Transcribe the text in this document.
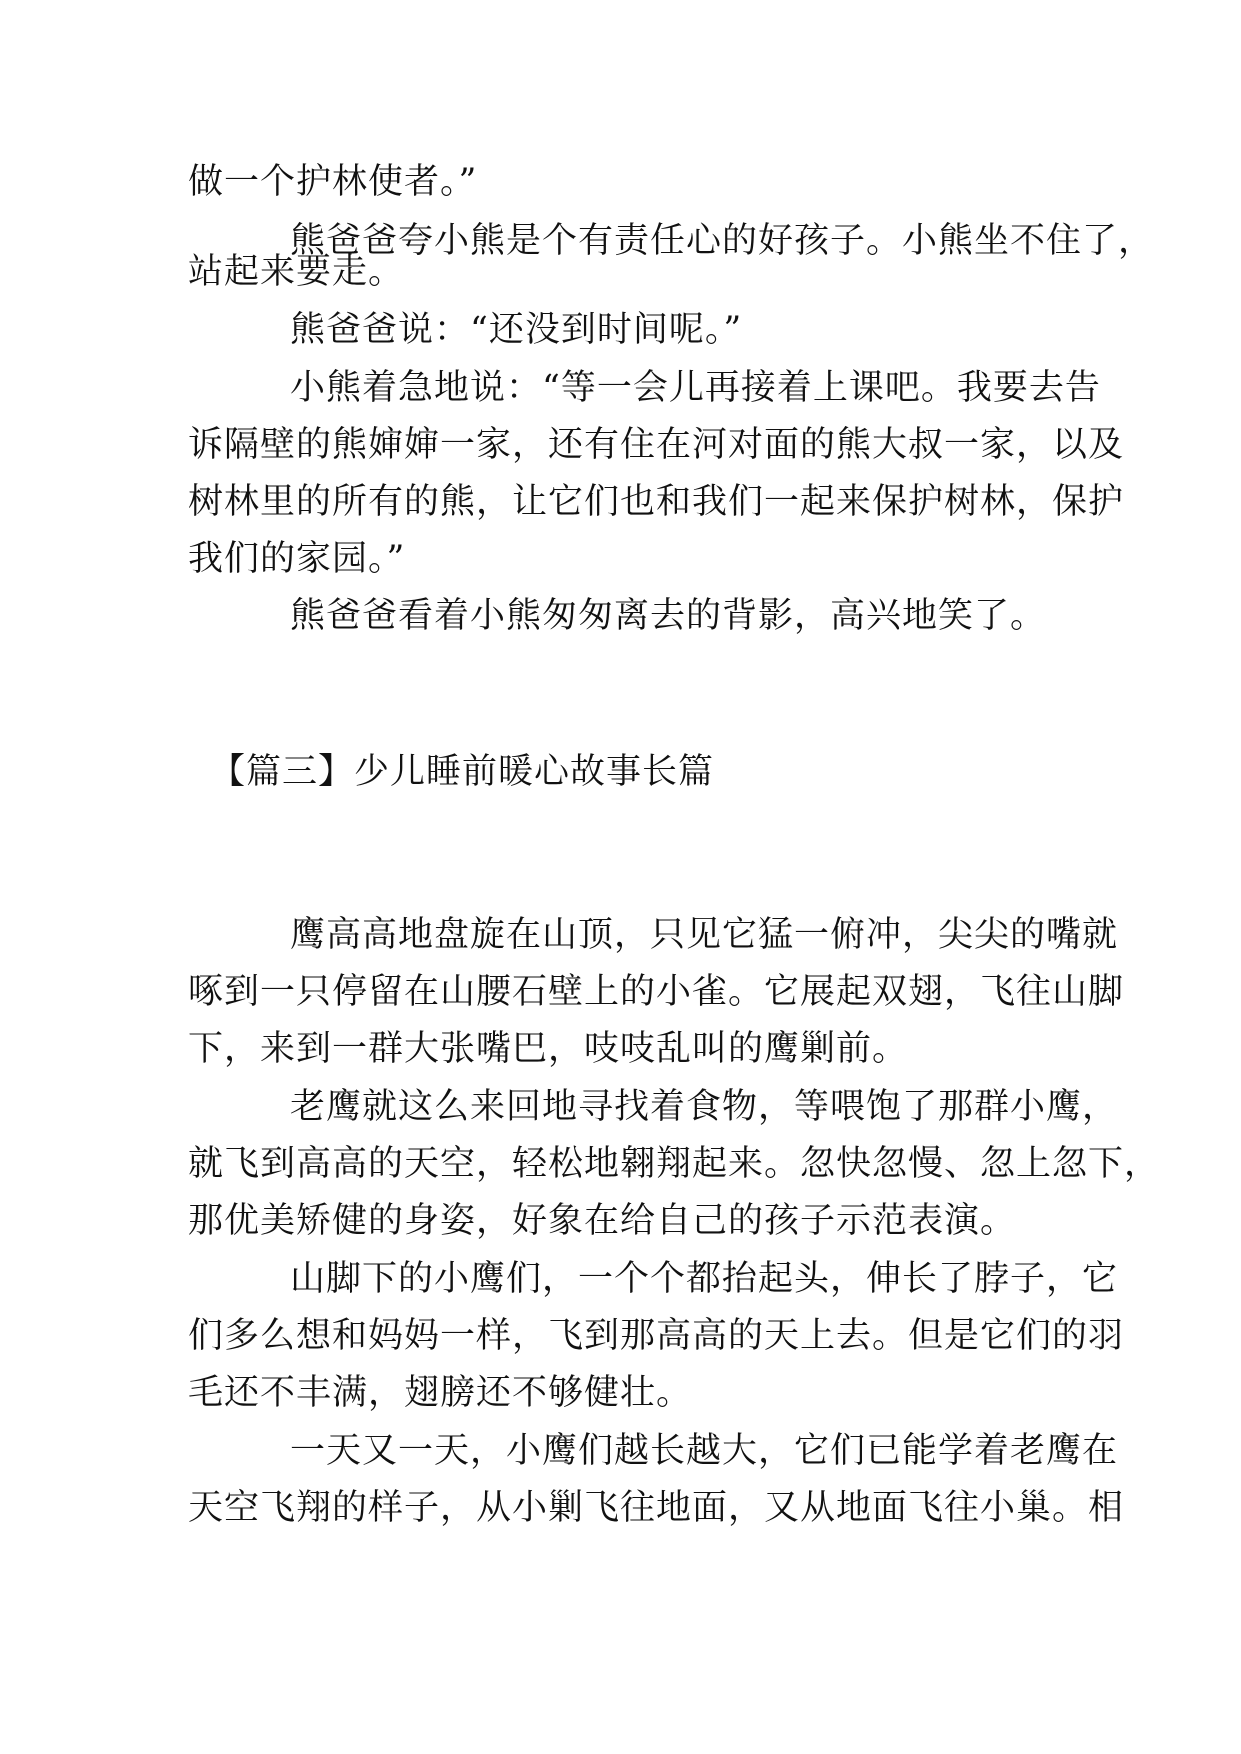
做一个护林使者。”
熊爸爸夸小熊是个有责任心的好孩子。小熊坐不住了，
站起来要走。
熊爸爸说：“还没到时间呢。”
小熊着急地说：“等一会儿再接着上课吧。我要去告
诉隔壁的熊婶婶一家，还有住在河对面的熊大叔一家，以及
树林里的所有的熊，让它们也和我们一起来保护树林，保护
我们的家园。”
熊爸爸看着小熊匆匆离去的背影，高兴地笑了。
【篇三】少儿睡前暖心故事长篇
鹰高高地盘旋在山顶，只见它猛一俯冲，尖尖的嘴就
啄到一只停留在山腰石壁上的小雀。它展起双翅，飞往山脚
下，来到一群大张嘴巴，吱吱乱叫的鹰剿前。
老鹰就这么来回地寻找着食物，等喂饱了那群小鹰，
就飞到高高的天空，轻松地翱翔起来。忽快忽慢、忽上忽下，
那优美矫健的身姿，好象在给自己的孩子示范表演。
山脚下的小鹰们，一个个都抬起头，伸长了脖子，它
们多么想和妈妈一样，飞到那高高的天上去。但是它们的羽
毛还不丰满，翅膀还不够健壮。
一天又一天，小鹰们越长越大，它们已能学着老鹰在
天空飞翔的样子，从小剿飞往地面，又从地面飞往小巢。相
